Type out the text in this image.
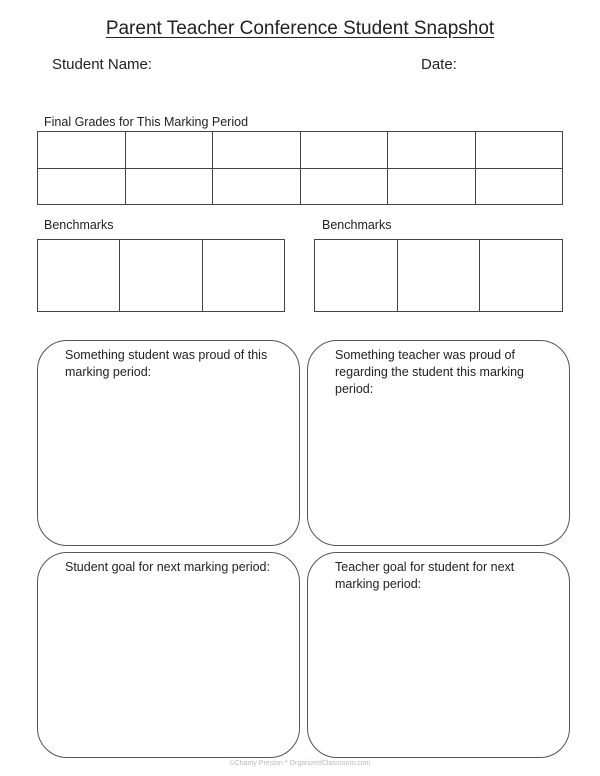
Parent Teacher Conference Student Snapshot
Student Name:	Date:
Final Grades for This Marking Period

Benchmarks
			Benchmarks

Something student was proud of this marking period:
Something teacher was proud of regarding the student this marking period:
Student goal for next marking period:	Teacher goal for student for next marking period:
©Charity Preston * OrganizedClassroom.com
